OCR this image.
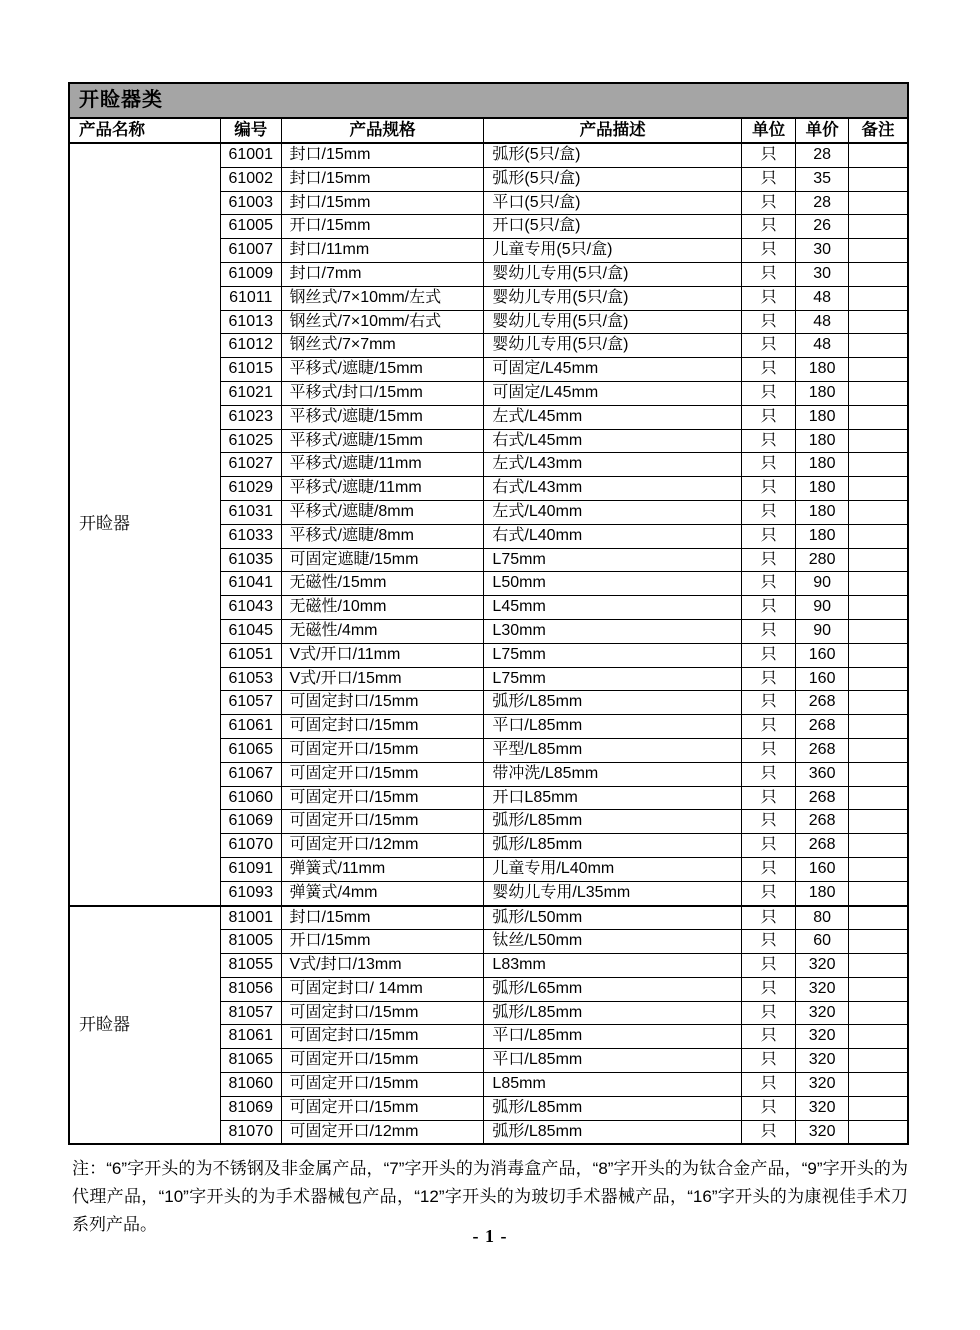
开睑器类
产品名称	编号	产品规格	产品描述	单位	单价	备注
开睑器	61001	封口/15mm	弧形(5只/盒)	只	28	
	61002	封口/15mm	弧形(5只/盒)	只	35	
	61003	封口/15mm	平口(5只/盒)	只	28	
	61005	开口/15mm	开口(5只/盒)	只	26	
	61007	封口/11mm	儿童专用(5只/盒)	只	30	
	61009	封口/7mm	婴幼儿专用(5只/盒)	只	30	
	61011	钢丝式/7×10mm/左式	婴幼儿专用(5只/盒)	只	48	
	61013	钢丝式/7×10mm/右式	婴幼儿专用(5只/盒)	只	48	
	61012	钢丝式/7×7mm	婴幼儿专用(5只/盒)	只	48	
	61015	平移式/遮睫/15mm	可固定/L45mm	只	180	
	61021	平移式/封口/15mm	可固定/L45mm	只	180	
	61023	平移式/遮睫/15mm	左式/L45mm	只	180	
	61025	平移式/遮睫/15mm	右式/L45mm	只	180	
	61027	平移式/遮睫/11mm	左式/L43mm	只	180	
	61029	平移式/遮睫/11mm	右式/L43mm	只	180	
	61031	平移式/遮睫/8mm	左式/L40mm	只	180	
	61033	平移式/遮睫/8mm	右式/L40mm	只	180	
	61035	可固定遮睫/15mm	L75mm	只	280	
	61041	无磁性/15mm	L50mm	只	90	
	61043	无磁性/10mm	L45mm	只	90	
	61045	无磁性/4mm	L30mm	只	90	
	61051	V式/开口/11mm	L75mm	只	160	
	61053	V式/开口/15mm	L75mm	只	160	
	61057	可固定封口/15mm	弧形/L85mm	只	268	
	61061	可固定封口/15mm	平口/L85mm	只	268	
	61065	可固定开口/15mm	平型/L85mm	只	268	
	61067	可固定开口/15mm	带冲洗/L85mm	只	360	
	61060	可固定开口/15mm	开口L85mm	只	268	
	61069	可固定开口/15mm	弧形/L85mm	只	268	
	61070	可固定开口/12mm	弧形/L85mm	只	268	
	61091	弹簧式/11mm	儿童专用/L40mm	只	160	
	61093	弹簧式/4mm	婴幼儿专用/L35mm	只	180	
开睑器	81001	封口/15mm	弧形/L50mm	只	80	
	81005	开口/15mm	钛丝/L50mm	只	60	
	81055	V式/封口/13mm	L83mm	只	320	
	81056	可固定封口/ 14mm	弧形/L65mm	只	320	
	81057	可固定封口/15mm	弧形/L85mm	只	320	
	81061	可固定封口/15mm	平口/L85mm	只	320	
	81065	可固定开口/15mm	平口/L85mm	只	320	
	81060	可固定开口/15mm	L85mm	只	320	
	81069	可固定开口/15mm	弧形/L85mm	只	320	
	81070	可固定开口/12mm	弧形/L85mm	只	320	
注：“6”字开头的为不锈钢及非金属产品，“7”字开头的为消毒盒产品，“8”字开头的为钛合金产品，“9”字开头的为代理产品，“10”字开头的为手术器械包产品，“12”字开头的为玻切手术器械产品，“16”字开头的为康视佳手术刀系列产品。
- 1 -
